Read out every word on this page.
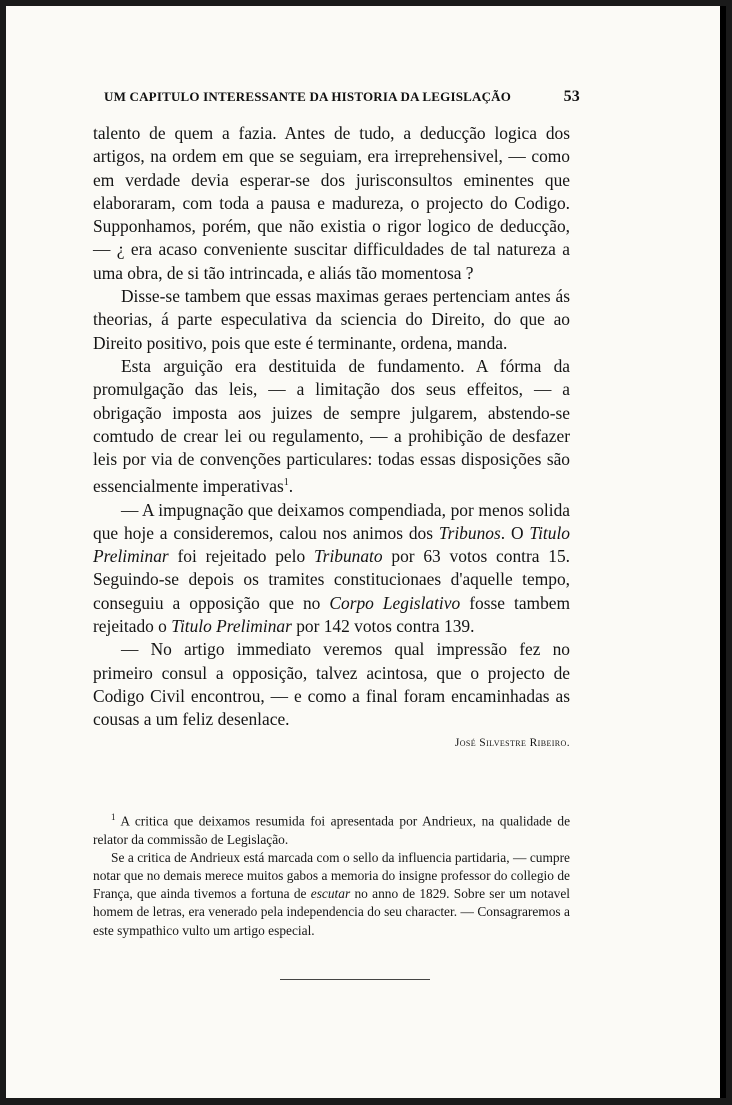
UM CAPITULO INTERESSANTE DA HISTORIA DA LEGISLAÇÃO	53

talento de quem a fazia. Antes de tudo, a deducção logica dos artigos, na ordem em que se seguiam, era irreprehensivel, — como em verdade devia esperar-se dos jurisconsultos eminentes que elaboraram, com toda a pausa e madureza, o projecto do Codigo. Supponhamos, porém, que não existia o rigor logico de deducção, — ¿ era acaso conveniente suscitar difficuldades de tal natureza a uma obra, de si tão intrincada, e aliás tão momentosa ?

Disse-se tambem que essas maximas geraes pertenciam antes ás theorias, á parte especulativa da sciencia do Direito, do que ao Direito positivo, pois que este é terminante, ordena, manda.

Esta arguição era destituida de fundamento. A fórma da promulgação das leis, — a limitação dos seus effeitos, — a obrigação imposta aos juizes de sempre julgarem, abstendo-se comtudo de crear lei ou regulamento, — a prohibição de desfazer leis por via de convenções particulares: todas essas disposições são essencialmente imperativas$^1$.

— A impugnação que deixamos compendiada, por menos solida que hoje a consideremos, calou nos animos dos Tribunos. O Titulo Preliminar foi rejeitado pelo Tribunato por 63 votos contra 15. Seguindo-se depois os tramites constitucionaes d'aquelle tempo, conseguiu a opposição que no Corpo Legislativo fosse tambem rejeitado o Titulo Preliminar por 142 votos contra 139.

— No artigo immediato veremos qual impressão fez no primeiro consul a opposição, talvez acintosa, que o projecto de Codigo Civil encontrou, — e como a final foram encaminhadas as cousas a um feliz desenlace.

José Silvestre Ribeiro.

$^1$ A critica que deixamos resumida foi apresentada por Andrieux, na qualidade de relator da commissão de Legislação.

Se a critica de Andrieux está marcada com o sello da influencia partidaria, — cumpre notar que no demais merece muitos gabos a memoria do insigne professor do collegio de França, que ainda tivemos a fortuna de escutar no anno de 1829. Sobre ser um notavel homem de letras, era venerado pela independencia do seu character. — Consagraremos a este sympathico vulto um artigo especial.
